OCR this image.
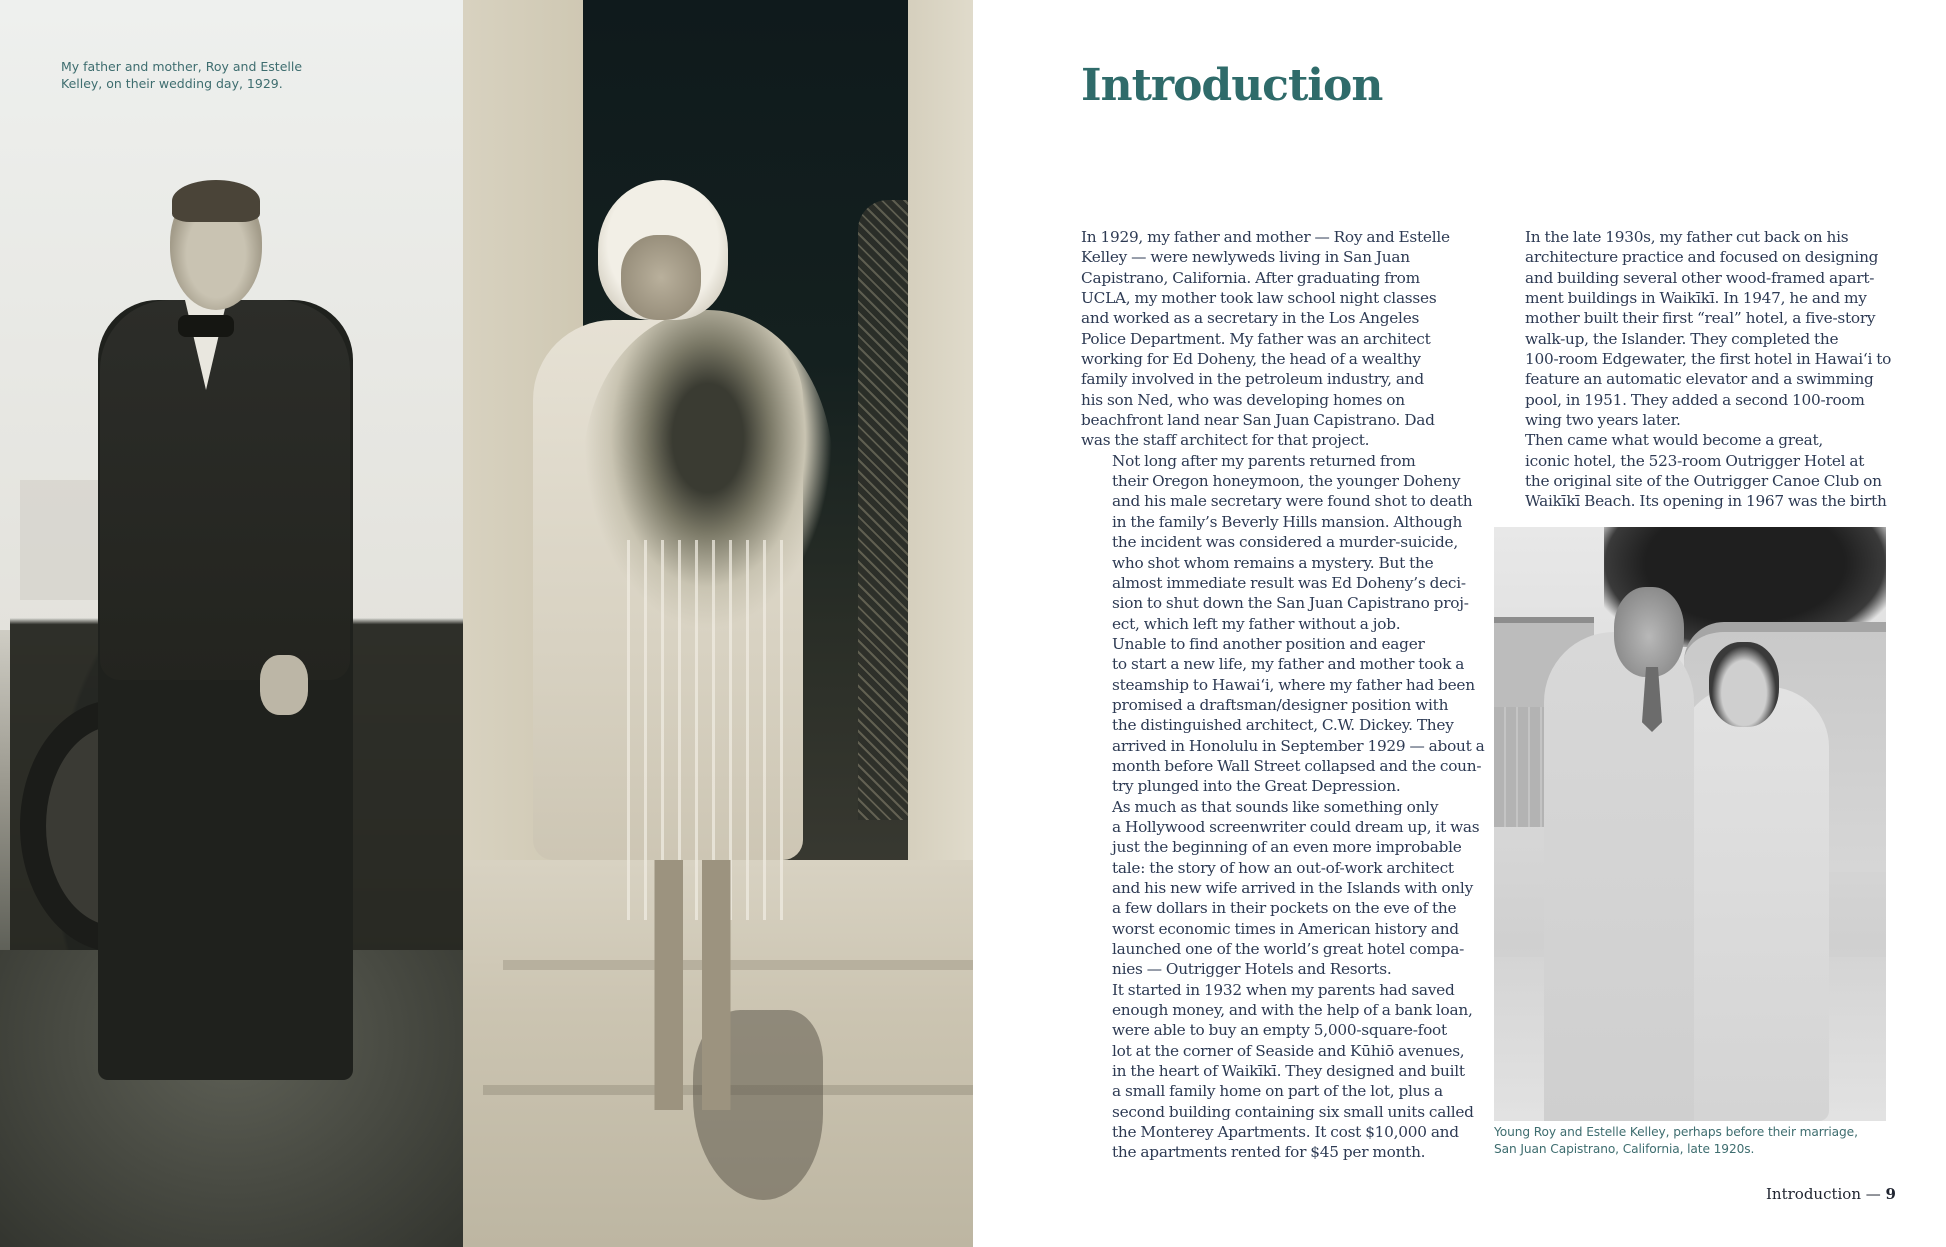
My father and mother, Roy and Estelle
Kelley, on their wedding day, 1929.	Introduction

In 1929, my father and mother — Roy and Estelle
Kelley — were newlyweds living in San Juan
Capistrano, California. After graduating from
UCLA, my mother took law school night classes
and worked as a secretary in the Los Angeles
Police Department. My father was an architect
working for Ed Doheny, the head of a wealthy
family involved in the petroleum industry, and
his son Ned, who was developing homes on
beachfront land near San Juan Capistrano. Dad
was the staff architect for that project.

Not long after my parents returned from
their Oregon honeymoon, the younger Doheny
and his male secretary were found shot to death
in the family’s Beverly Hills mansion. Although
the incident was considered a murder-suicide,
who shot whom remains a mystery. But the
almost immediate result was Ed Doheny’s deci-
sion to shut down the San Juan Capistrano proj-
ect, which left my father without a job.

Unable to find another position and eager
to start a new life, my father and mother took a
steamship to Hawai‘i, where my father had been
promised a draftsman/designer position with
the distinguished architect, C.W. Dickey. They
arrived in Honolulu in September 1929 — about a
month before Wall Street collapsed and the coun-
try plunged into the Great Depression.

As much as that sounds like something only
a Hollywood screenwriter could dream up, it was
just the beginning of an even more improbable
tale: the story of how an out-of-work architect
and his new wife arrived in the Islands with only
a few dollars in their pockets on the eve of the
worst economic times in American history and
launched one of the world’s great hotel compa-
nies — Outrigger Hotels and Resorts.

It started in 1932 when my parents had saved
enough money, and with the help of a bank loan,
were able to buy an empty 5,000-square-foot
lot at the corner of Seaside and Kūhiō avenues,
in the heart of Waikīkī. They designed and built
a small family home on part of the lot, plus a
second building containing six small units called
the Monterey Apartments. It cost $10,000 and
the apartments rented for $45 per month.

In the late 1930s, my father cut back on his
architecture practice and focused on designing
and building several other wood-framed apart-
ment buildings in Waikīkī. In 1947, he and my
mother built their first “real” hotel, a five-story
walk-up, the Islander. They completed the
100-room Edgewater, the first hotel in Hawai‘i to
feature an automatic elevator and a swimming
pool, in 1951. They added a second 100-room
wing two years later.

Then came what would become a great,
iconic hotel, the 523-room Outrigger Hotel at
the original site of the Outrigger Canoe Club on
Waikīkī Beach. Its opening in 1967 was the birth

Young Roy and Estelle Kelley, perhaps before their marriage,
San Juan Capistrano, California, late 1920s.
Introduction — 9
